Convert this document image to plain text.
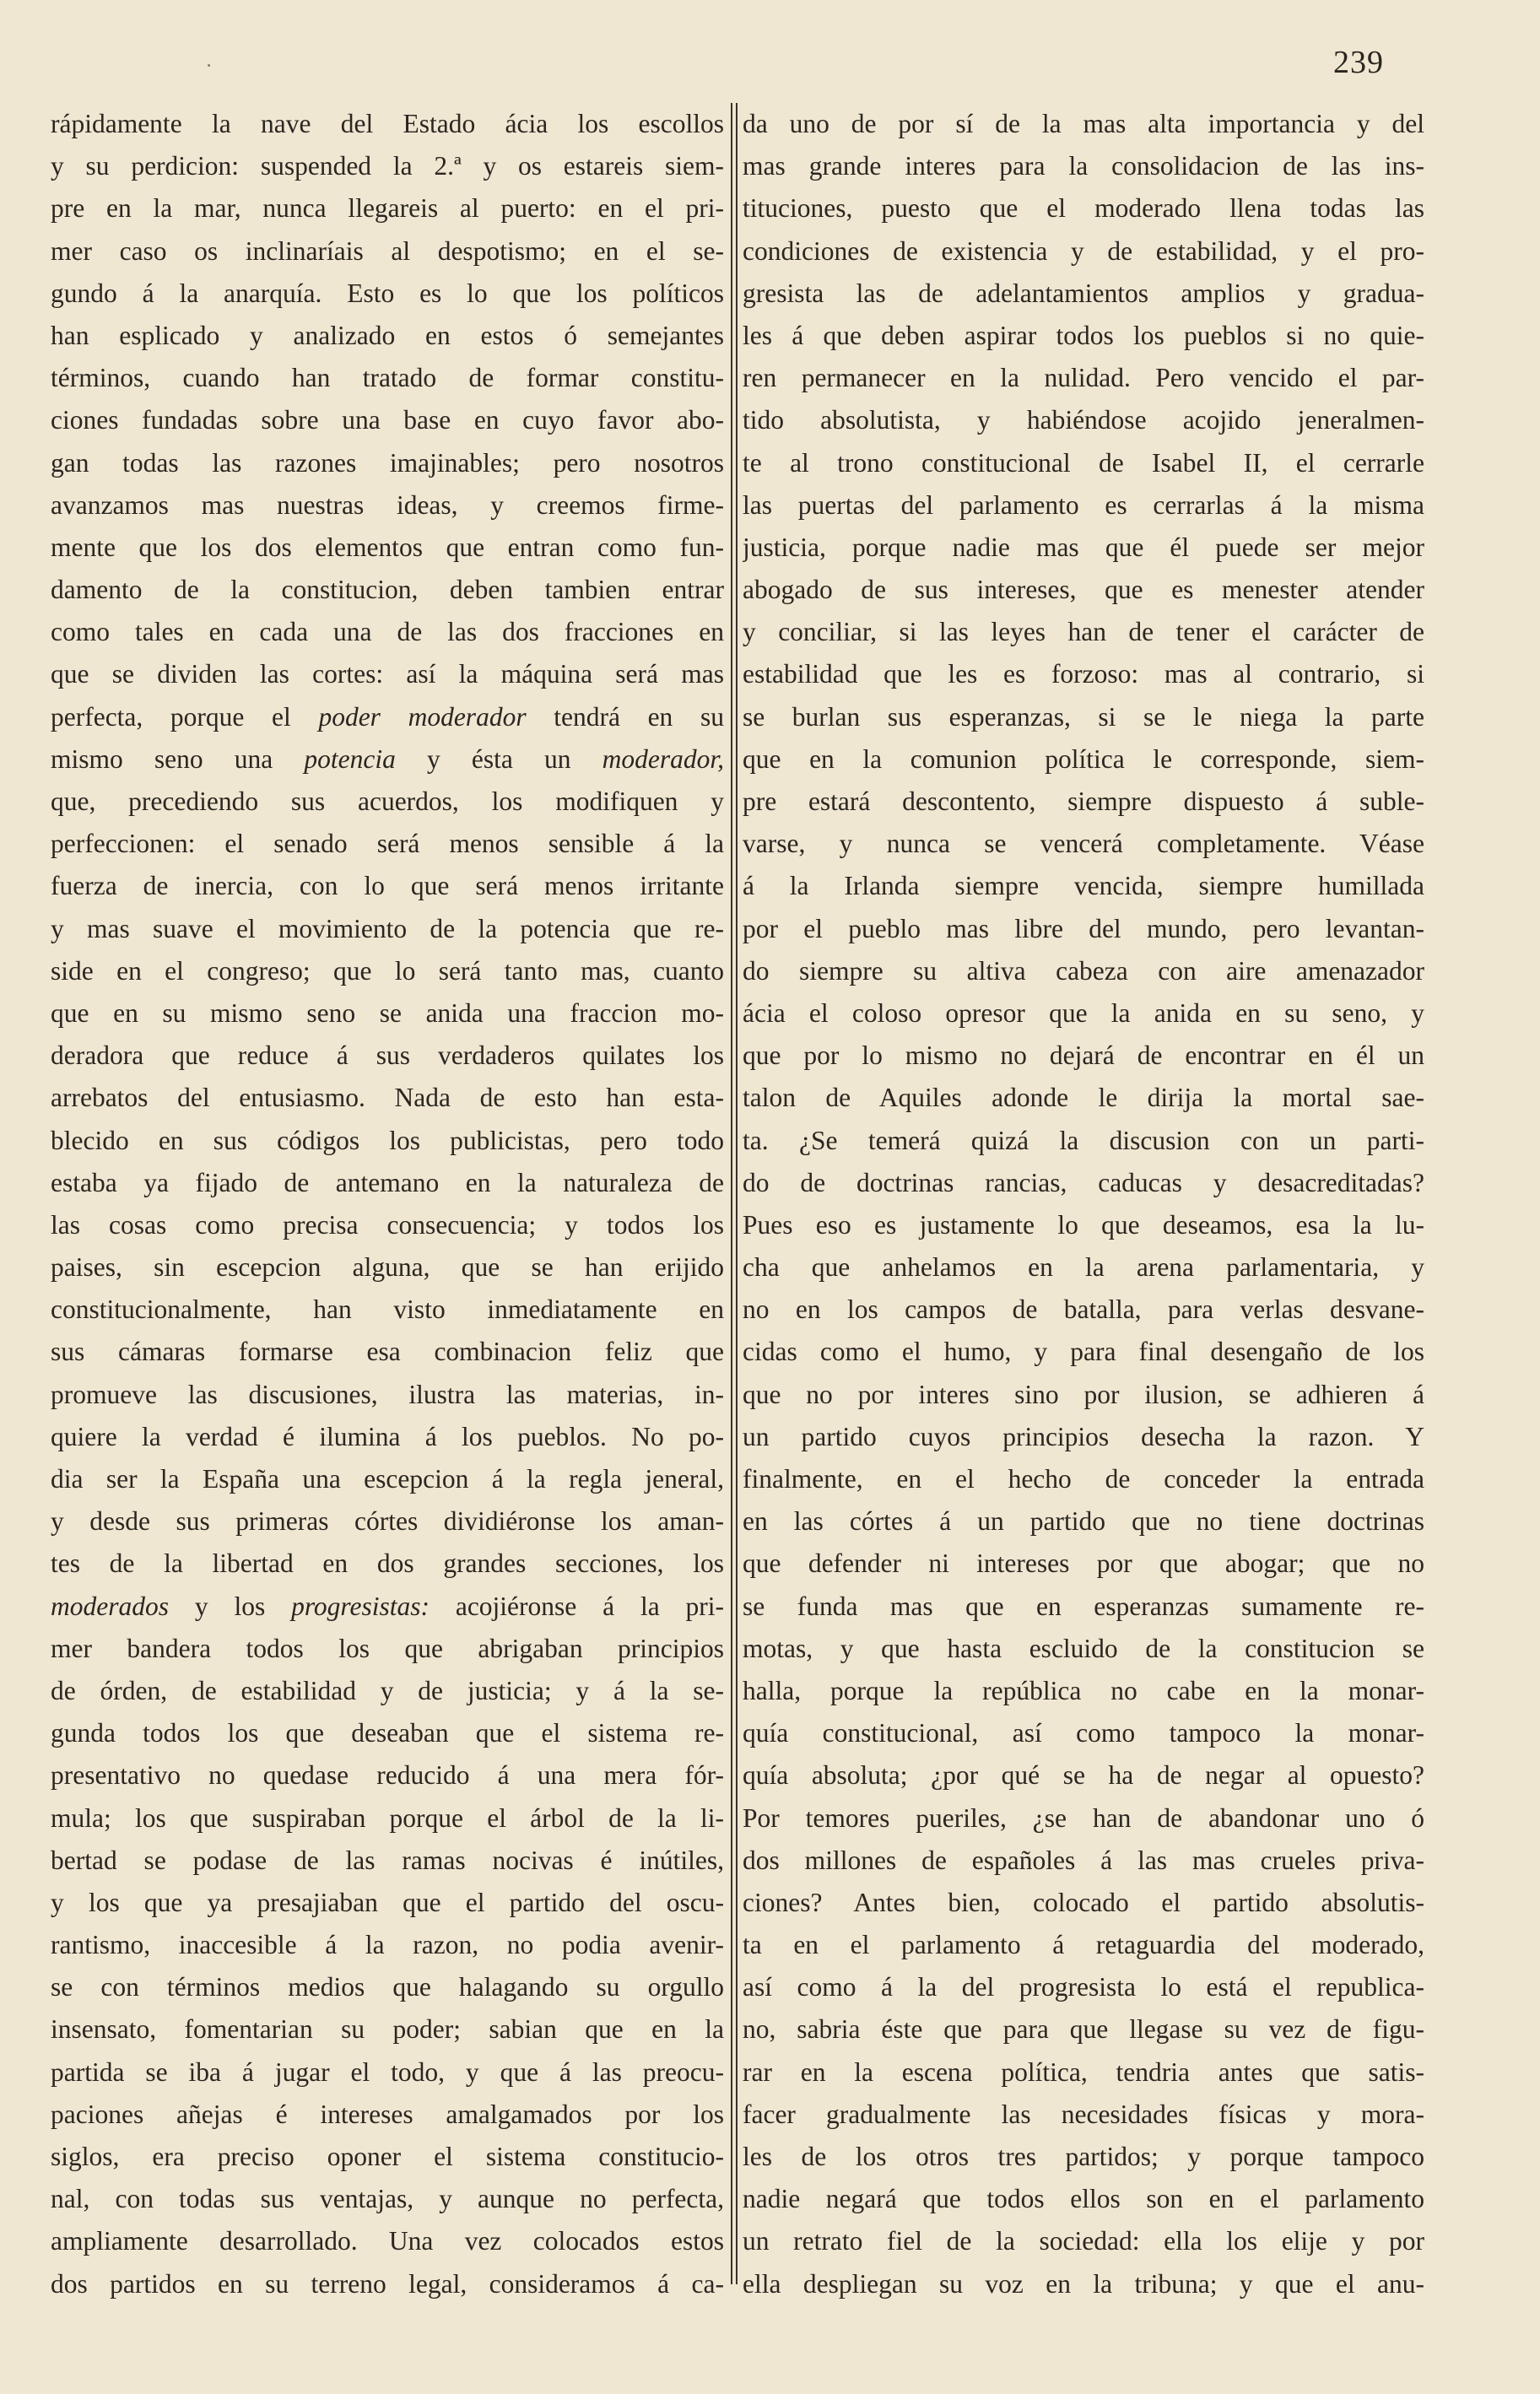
239
rápidamente la nave del Estado ácia los escollos
y su perdicion: suspended la 2.ª y os estareis siem-
pre en la mar, nunca llegareis al puerto: en el pri-
mer caso os inclinaríais al despotismo; en el se-
gundo á la anarquía. Esto es lo que los políticos
han esplicado y analizado en estos ó semejantes
términos, cuando han tratado de formar constitu-
ciones fundadas sobre una base en cuyo favor abo-
gan todas las razones imajinables; pero nosotros
avanzamos mas nuestras ideas, y creemos firme-
mente que los dos elementos que entran como fun-
damento de la constitucion, deben tambien entrar
como tales en cada una de las dos fracciones en
que se dividen las cortes: así la máquina será mas
perfecta, porque el poder moderador tendrá en su
mismo seno una potencia y ésta un moderador,
que, precediendo sus acuerdos, los modifiquen y
perfeccionen: el senado será menos sensible á la
fuerza de inercia, con lo que será menos irritante
y mas suave el movimiento de la potencia que re-
side en el congreso; que lo será tanto mas, cuanto
que en su mismo seno se anida una fraccion mo-
deradora que reduce á sus verdaderos quilates los
arrebatos del entusiasmo. Nada de esto han esta-
blecido en sus códigos los publicistas, pero todo
estaba ya fijado de antemano en la naturaleza de
las cosas como precisa consecuencia; y todos los
paises, sin escepcion alguna, que se han erijido
constitucionalmente, han visto inmediatamente en
sus cámaras formarse esa combinacion feliz que
promueve las discusiones, ilustra las materias, in-
quiere la verdad é ilumina á los pueblos. No po-
dia ser la España una escepcion á la regla jeneral,
y desde sus primeras córtes dividiéronse los aman-
tes de la libertad en dos grandes secciones, los
moderados y los progresistas: acojiéronse á la pri-
mer bandera todos los que abrigaban principios
de órden, de estabilidad y de justicia; y á la se-
gunda todos los que deseaban que el sistema re-
presentativo no quedase reducido á una mera fór-
mula; los que suspiraban porque el árbol de la li-
bertad se podase de las ramas nocivas é inútiles,
y los que ya presajiaban que el partido del oscu-
rantismo, inaccesible á la razon, no podia avenir-
se con términos medios que halagando su orgullo
insensato, fomentarian su poder; sabian que en la
partida se iba á jugar el todo, y que á las preocu-
paciones añejas é intereses amalgamados por los
siglos, era preciso oponer el sistema constitucio-
nal, con todas sus ventajas, y aunque no perfecta,
ampliamente desarrollado. Una vez colocados estos
dos partidos en su terreno legal, consideramos á ca-
da uno de por sí de la mas alta importancia y del
mas grande interes para la consolidacion de las ins-
tituciones, puesto que el moderado llena todas las
condiciones de existencia y de estabilidad, y el pro-
gresista las de adelantamientos amplios y gradua-
les á que deben aspirar todos los pueblos si no quie-
ren permanecer en la nulidad. Pero vencido el par-
tido absolutista, y habiéndose acojido jeneralmen-
te al trono constitucional de Isabel II, el cerrarle
las puertas del parlamento es cerrarlas á la misma
justicia, porque nadie mas que él puede ser mejor
abogado de sus intereses, que es menester atender
y conciliar, si las leyes han de tener el carácter de
estabilidad que les es forzoso: mas al contrario, si
se burlan sus esperanzas, si se le niega la parte
que en la comunion política le corresponde, siem-
pre estará descontento, siempre dispuesto á suble-
varse, y nunca se vencerá completamente. Véase
á la Irlanda siempre vencida, siempre humillada
por el pueblo mas libre del mundo, pero levantan-
do siempre su altiva cabeza con aire amenazador
ácia el coloso opresor que la anida en su seno, y
que por lo mismo no dejará de encontrar en él un
talon de Aquiles adonde le dirija la mortal sae-
ta. ¿Se temerá quizá la discusion con un parti-
do de doctrinas rancias, caducas y desacreditadas?
Pues eso es justamente lo que deseamos, esa la lu-
cha que anhelamos en la arena parlamentaria, y
no en los campos de batalla, para verlas desvane-
cidas como el humo, y para final desengaño de los
que no por interes sino por ilusion, se adhieren á
un partido cuyos principios desecha la razon. Y
finalmente, en el hecho de conceder la entrada
en las córtes á un partido que no tiene doctrinas
que defender ni intereses por que abogar; que no
se funda mas que en esperanzas sumamente re-
motas, y que hasta escluido de la constitucion se
halla, porque la república no cabe en la monar-
quía constitucional, así como tampoco la monar-
quía absoluta; ¿por qué se ha de negar al opuesto?
Por temores pueriles, ¿se han de abandonar uno ó
dos millones de españoles á las mas crueles priva-
ciones? Antes bien, colocado el partido absolutis-
ta en el parlamento á retaguardia del moderado,
así como á la del progresista lo está el republica-
no, sabria éste que para que llegase su vez de figu-
rar en la escena política, tendria antes que satis-
facer gradualmente las necesidades físicas y mora-
les de los otros tres partidos; y porque tampoco
nadie negará que todos ellos son en el parlamento
un retrato fiel de la sociedad: ella los elije y por
ella despliegan su voz en la tribuna; y que el anu-
